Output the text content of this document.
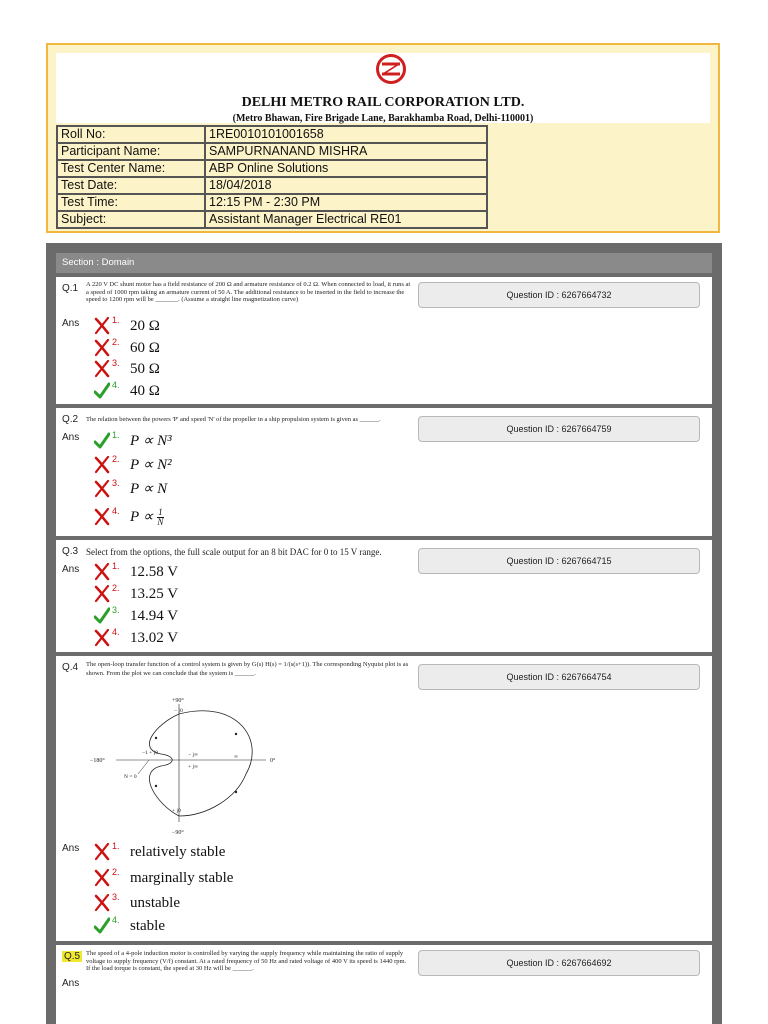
DELHI METRO RAIL CORPORATION LTD.
(Metro Bhawan, Fire Brigade Lane, Barakhamba Road, Delhi-110001)
Roll No:	1RE0010101001658
Participant Name:	SAMPURNANAND MISHRA
Test Center Name:	ABP Online Solutions
Test Date:	18/04/2018
Test Time:	12:15 PM - 2:30 PM
Subject:	Assistant Manager Electrical RE01
Section : Domain
Q.1 A 220 V DC shunt motor has a field resistance of 200 Ω and armature resistance of 0.2 Ω. When connected to load, it runs at a speed of 1000 rpm taking an armature current of 50 A. The additional resistance to be inserted in the field to increase the speed to 1200 rpm will be _______. (Assume a straight line magnetization curve)	Question ID : 6267664732
Ans	1. 20 Ω
2. 60 Ω
3. 50 Ω
4. 40 Ω
Q.2 The relation between the powers 'P' and speed 'N' of the propeller in a ship propulsion system is given as ______.
Question ID : 6267664759
Ans	1. P ∝ N³
2. P ∝ N²
3. P ∝ N
4. $P \propto \frac{1}{N}$
Q.3 Select from the options, the full scale output for an 8 bit DAC for 0 to 15 V range.
Question ID : 6267664715
Ans	1. 12.58 V
2. 13.25 V
3. 14.94 V
4. 13.02 V
Q.4 The open-loop transfer function of a control system is given by G(s) H(s) = 1/(s(s+1)). The corresponding Nyquist plot is as shown. From the plot we can conclude that the system is ______.	Question ID : 6267664754
+90°
−90°
−180°	0°
N = 0
−1 + j0
− j0
− j∞
+ j∞
∞
+ j0
Ans	1. relatively stable
2. marginally stable
3. unstable
4. stable
Q.5 The speed of a 4-pole induction motor is controlled by varying the supply frequency while maintaining the ratio of supply voltage to supply frequency (V/f) constant. At a rated frequency of 50 Hz and rated voltage of 400 V its speed is 1440 rpm. If the load torque is constant, the speed at 30 Hz will be ______.
Question ID : 6267664692
Ans
